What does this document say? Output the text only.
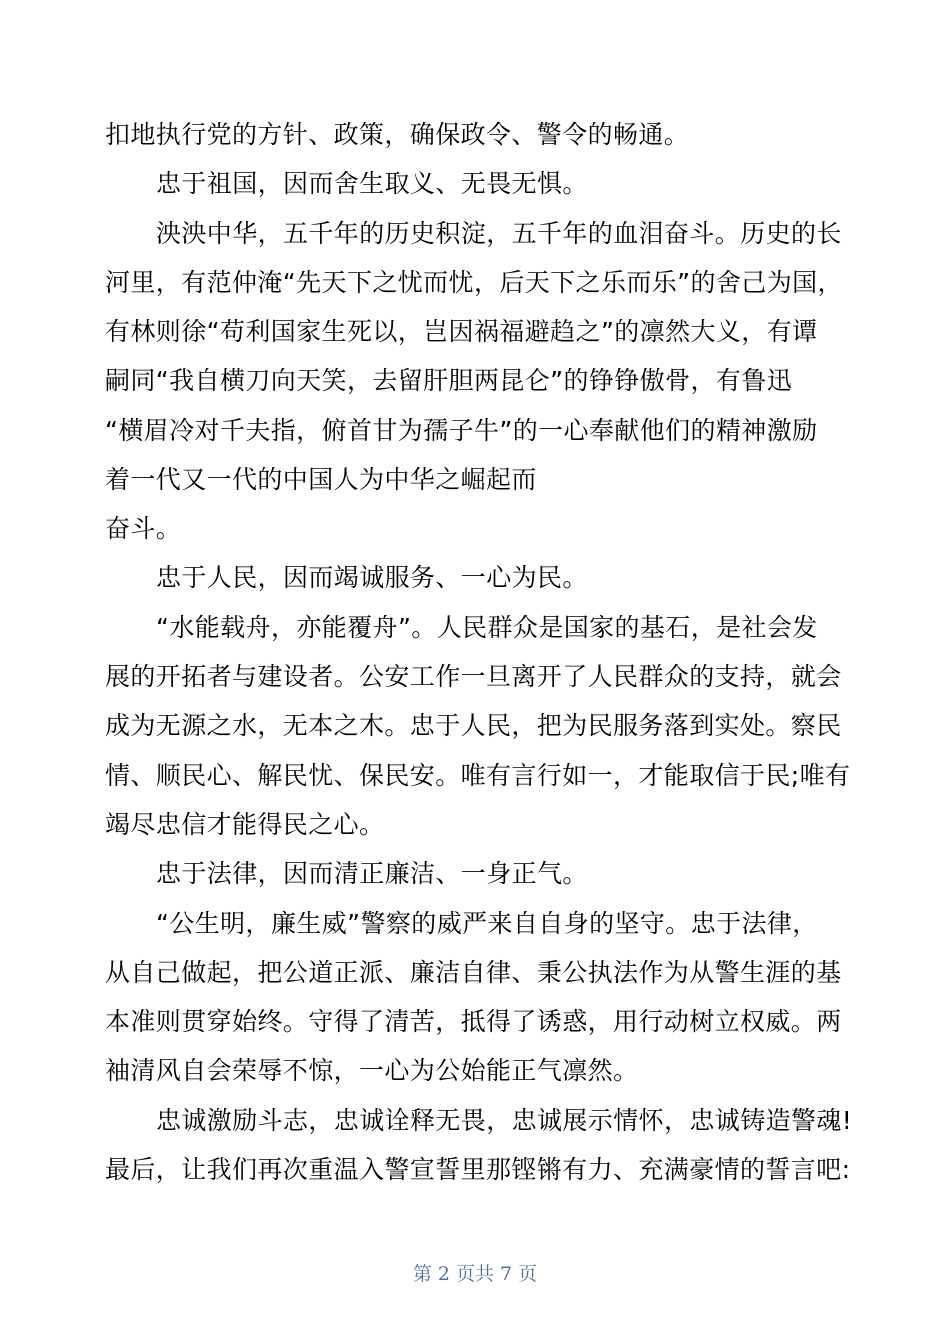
扣地执行党的方针、政策，确保政令、警令的畅通。
忠于祖国，因而舍生取义、无畏无惧。
泱泱中华，五千年的历史积淀，五千年的血泪奋斗。历史的长
河里，有范仲淹“先天下之忧而忧，后天下之乐而乐”的舍己为国，
有林则徐“苟利国家生死以，岂因祸福避趋之”的凛然大义，有谭
嗣同“我自横刀向天笑，去留肝胆两昆仑”的铮铮傲骨，有鲁迅
“横眉冷对千夫指，俯首甘为孺子牛”的一心奉献他们的精神激励
着一代又一代的中国人为中华之崛起而
奋斗。
忠于人民，因而竭诚服务、一心为民。
“水能载舟，亦能覆舟”。人民群众是国家的基石，是社会发
展的开拓者与建设者。公安工作一旦离开了人民群众的支持，就会
成为无源之水，无本之木。忠于人民，把为民服务落到实处。察民
情、顺民心、解民忧、保民安。唯有言行如一，才能取信于民;唯有
竭尽忠信才能得民之心。
忠于法律，因而清正廉洁、一身正气。
“公生明，廉生威”警察的威严来自自身的坚守。忠于法律，
从自己做起，把公道正派、廉洁自律、秉公执法作为从警生涯的基
本准则贯穿始终。守得了清苦，抵得了诱惑，用行动树立权威。两
袖清风自会荣辱不惊，一心为公始能正气凛然。
忠诚激励斗志，忠诚诠释无畏，忠诚展示情怀，忠诚铸造警魂!
最后，让我们再次重温入警宣誓里那铿锵有力、充满豪情的誓言吧:
第 2 页共 7 页
